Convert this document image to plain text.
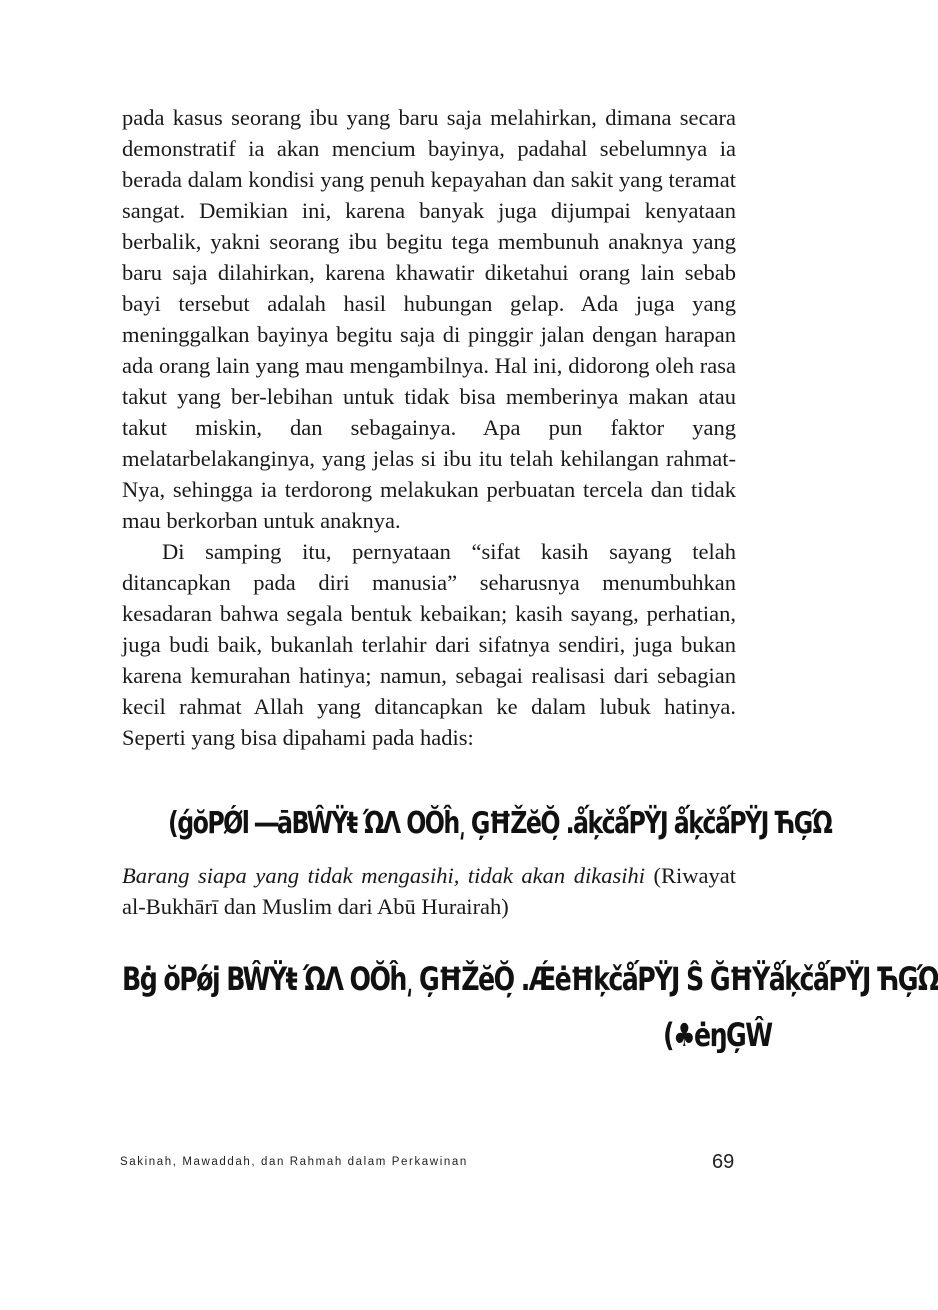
pada kasus seorang ibu yang baru saja melahirkan, dimana secara demonstratif ia akan mencium bayinya, padahal sebelumnya ia berada dalam kondisi yang penuh kepayahan dan sakit yang teramat sangat. Demikian ini, karena banyak juga dijumpai kenyataan berbalik, yakni seorang ibu begitu tega membunuh anaknya yang baru saja dilahirkan, karena khawatir diketahui orang lain sebab bayi tersebut adalah hasil hubungan gelap. Ada juga yang meninggalkan bayinya begitu saja di pinggir jalan dengan harapan ada orang lain yang mau mengambilnya. Hal ini, didorong oleh rasa takut yang ber-lebihan untuk tidak bisa memberinya makan atau takut miskin, dan sebagainya. Apa pun faktor yang melatarbelakanginya, yang jelas si ibu itu telah kehilangan rahmat-Nya, sehingga ia terdorong melakukan perbuatan tercela dan tidak mau berkorban untuk anaknya.

Di samping itu, pernyataan “sifat kasih sayang telah ditancapkan pada diri manusia” seharusnya menumbuhkan kesadaran bahwa segala bentuk kebaikan; kasih sayang, perhatian, juga budi baik, bukanlah terlahir dari sifatnya sendiri, juga bukan karena kemurahan hatinya; namun, sebagai realisasi dari sebagian kecil rahmat Allah yang ditancapkan ke dalam lubuk hatinya. Seperti yang bisa dipahami pada hadis:

(ǵŏPǾl ―āBŴŸŧ ΏΛ ОŎĥ͵ ĢĦŽĕŎ̦ .ǻķčǻPŸJ ǻķčǻPŸJ ЋĢΏ

Barang siapa yang tidak mengasihi, tidak akan dikasihi (Riwayat al-Bukhārī dan Muslim dari Abū Hurairah)

Bġ ŏPǿj BŴŸŧ ΏΛ ОŎĥ͵ ĢĦŽĕŎ̦ .ǼėĦķčǻPŸJ Ŝ ĞĦŸǻķčǻPŸJ ЋĢΏ
(♣ėŋĢŴ
Sakinah, Mawaddah, dan Rahmah dalam Perkawinan	69
